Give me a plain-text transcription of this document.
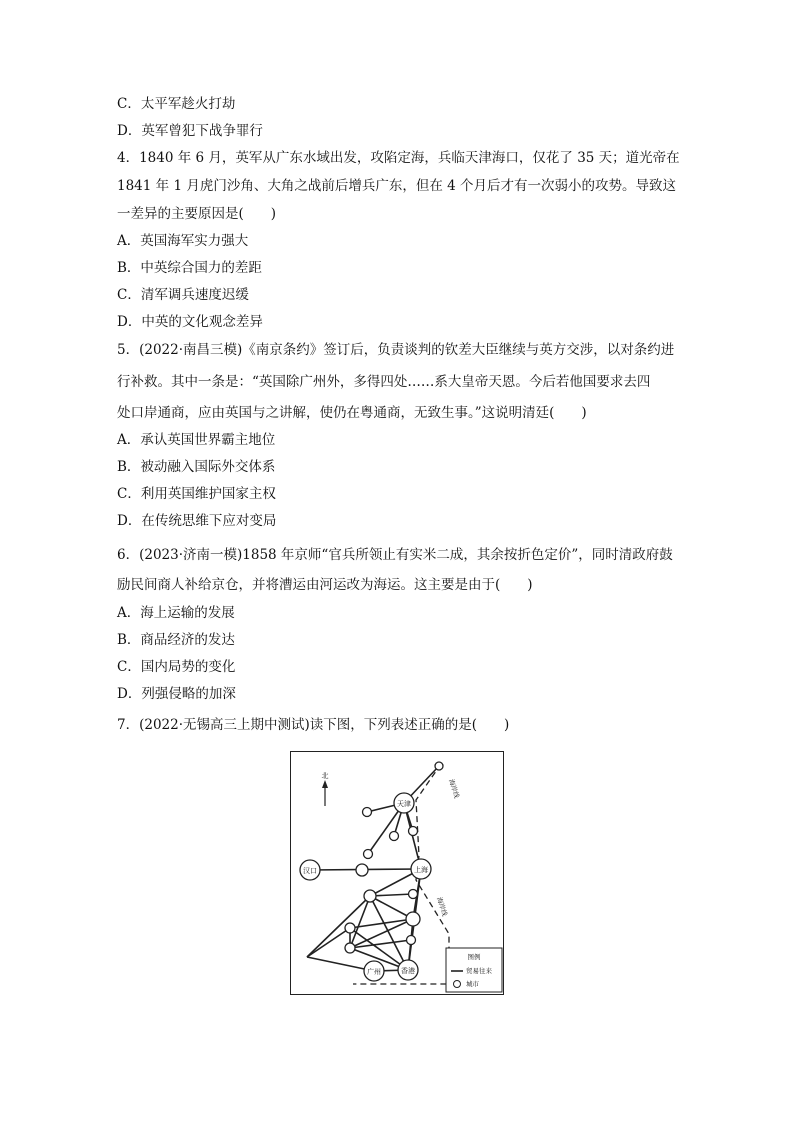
C．太平军趁火打劫
D．英军曾犯下战争罪行
4．1840 年 6 月，英军从广东水域出发，攻陷定海，兵临天津海口，仅花了 35 天；道光帝在
1841 年 1 月虎门沙角、大角之战前后增兵广东，但在 4 个月后才有一次弱小的攻势。导致这
一差异的主要原因是(　　)
A．英国海军实力强大
B．中英综合国力的差距
C．清军调兵速度迟缓
D．中英的文化观念差异
5．(2022·南昌三模)《南京条约》签订后，负责谈判的钦差大臣继续与英方交涉，以对条约进
行补救。其中一条是：“英国除广州外，多得四处……系大皇帝天恩。今后若他国要求去四
处口岸通商，应由英国与之讲解，使仍在粤通商，无致生事。”这说明清廷(　　)
A．承认英国世界霸主地位
B．被动融入国际外交体系
C．利用英国维护国家主权
D．在传统思维下应对变局
6．(2023·济南一模)1858 年京师“官兵所领止有实米二成，其余按折色定价”，同时清政府鼓
励民间商人补给京仓，并将漕运由河运改为海运。这主要是由于(　　)
A．海上运输的发展
B．商品经济的发达
C．国内局势的变化
D．列强侵略的加深
7．(2022·无锡高三上期中测试)读下图，下列表述正确的是(　　)
天津
汉口	上海
广州	香港
北
海岸线
海岸线
图例
贸易往来
城市
